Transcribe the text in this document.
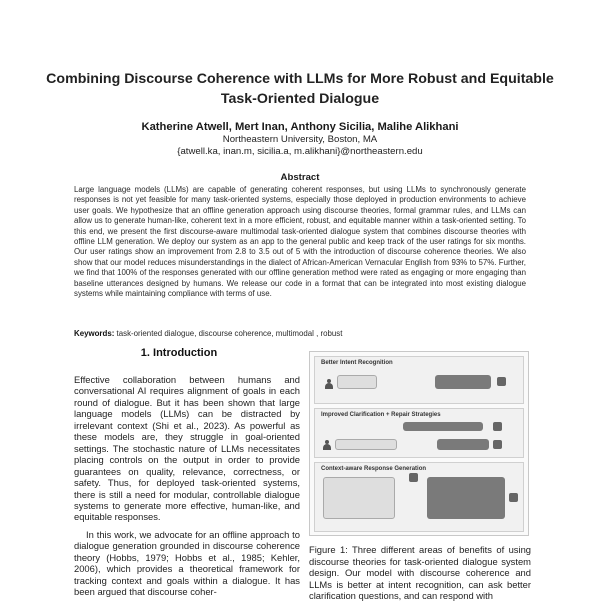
Combining Discourse Coherence with LLMs for More Robust and Equitable Task-Oriented Dialogue
Katherine Atwell, Mert Inan, Anthony Sicilia, Malihe Alikhani
Northeastern University, Boston, MA
{atwell.ka, inan.m, sicilia.a, m.alikhani}@northeastern.edu
Abstract
Large language models (LLMs) are capable of generating coherent responses, but using LLMs to synchronously generate responses is not yet feasible for many task-oriented systems, especially those deployed in production environments to achieve user goals. We hypothesize that an offline generation approach using discourse theories, formal grammar rules, and LLMs can allow us to generate human-like, coherent text in a more efficient, robust, and equitable manner within a task-oriented setting. To this end, we present the first discourse-aware multimodal task-oriented dialogue system that combines discourse theories with offline LLM generation. We deploy our system as an app to the general public and keep track of the user ratings for six months. Our user ratings show an improvement from 2.8 to 3.5 out of 5 with the introduction of discourse coherence theories. We also show that our model reduces misunderstandings in the dialect of African-American Vernacular English from 93% to 57%. Further, we find that 100% of the responses generated with our offline generation method were rated as engaging or more engaging than baseline utterances designed by humans. We release our code in a format that can be integrated into most existing dialogue systems while maintaining compliance with terms of use.
Keywords: task-oriented dialogue, discourse coherence, multimodal , robust
1. Introduction

Effective collaboration between humans and conversational AI requires alignment of goals in each round of dialogue. But it has been shown that large language models (LLMs) can be distracted by irrelevant context (Shi et al., 2023). As powerful as these models are, they struggle in goal-oriented settings. The stochastic nature of LLMs necessitates placing controls on the output in order to provide guarantees on quality, relevance, correctness, or safety. Thus, for deployed task-oriented systems, there is still a need for modular, controllable dialogue systems to generate more effective, human-like, and equitable responses.

In this work, we advocate for an offline approach to dialogue generation grounded in discourse coherence theory (Hobbs, 1979; Hobbs et al., 1985; Kehler, 2006), which provides a theoretical framework for tracking context and goals within a dialogue. It has been argued that discourse coher-

Better Intent Recognition
Improved Clarification + Repair Strategies
Context-aware Response Generation
Figure 1: Three different areas of benefits of using discourse theories for task-oriented dialogue system design. Our model with discourse coherence and LLMs is better at intent recognition, can ask better clarification questions, and can respond with
